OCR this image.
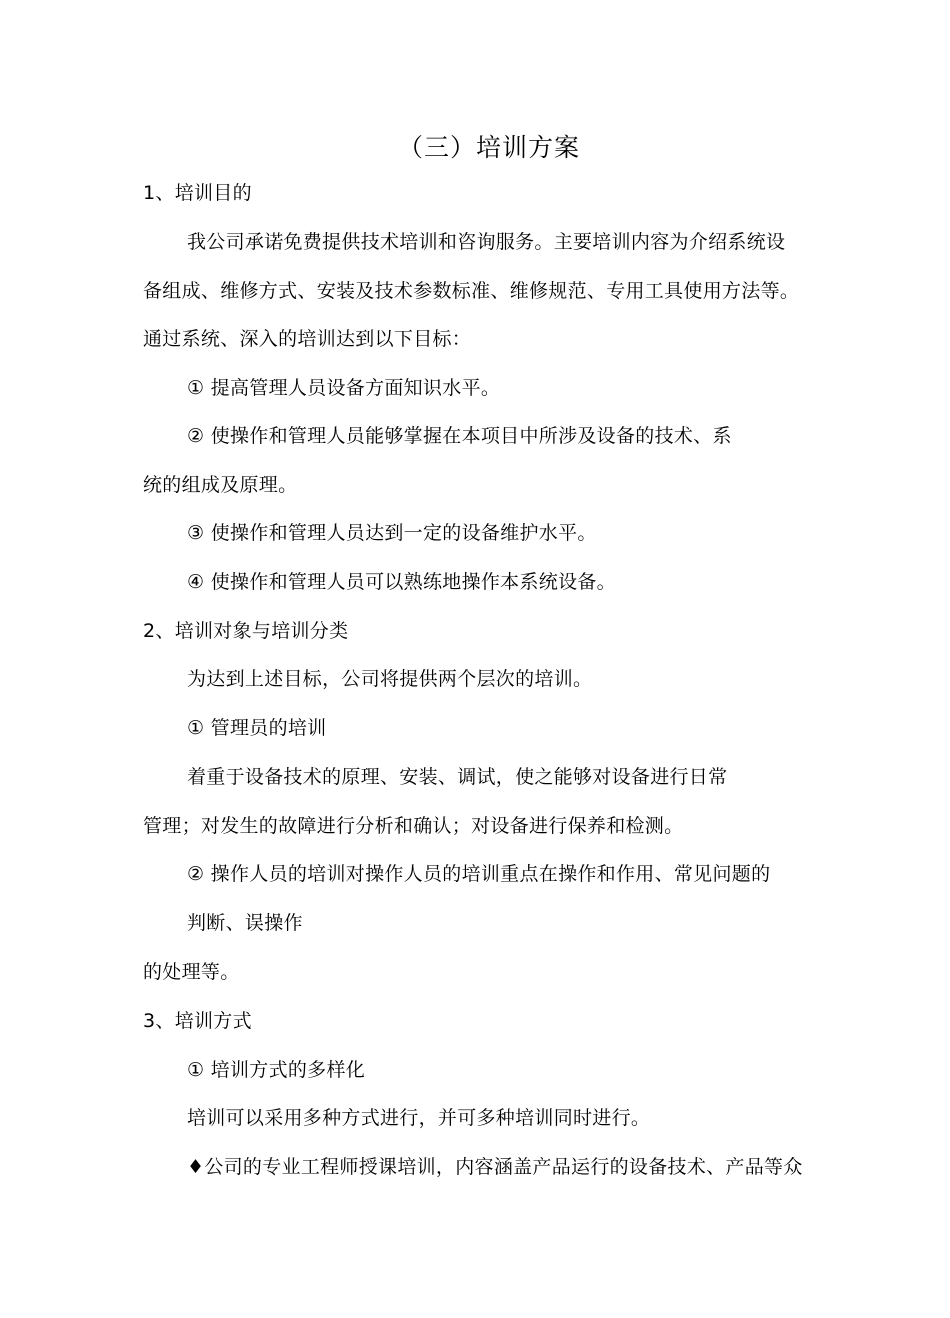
（三）培训方案
1、培训目的
我公司承诺免费提供技术培训和咨询服务。主要培训内容为介绍系统设
备组成、维修方式、安装及技术参数标准、维修规范、专用工具使用方法等。
通过系统、深入的培训达到以下目标：
① 提高管理人员设备方面知识水平。
② 使操作和管理人员能够掌握在本项目中所涉及设备的技术、系
统的组成及原理。
③ 使操作和管理人员达到一定的设备维护水平。
④ 使操作和管理人员可以熟练地操作本系统设备。
2、培训对象与培训分类
为达到上述目标，公司将提供两个层次的培训。
① 管理员的培训
着重于设备技术的原理、安装、调试，使之能够对设备进行日常
管理；对发生的故障进行分析和确认；对设备进行保养和检测。
② 操作人员的培训对操作人员的培训重点在操作和作用、常见问题的
判断、误操作
的处理等。
3、培训方式
① 培训方式的多样化
培训可以采用多种方式进行，并可多种培训同时进行。
♦公司的专业工程师授课培训，内容涵盖产品运行的设备技术、产品等众
